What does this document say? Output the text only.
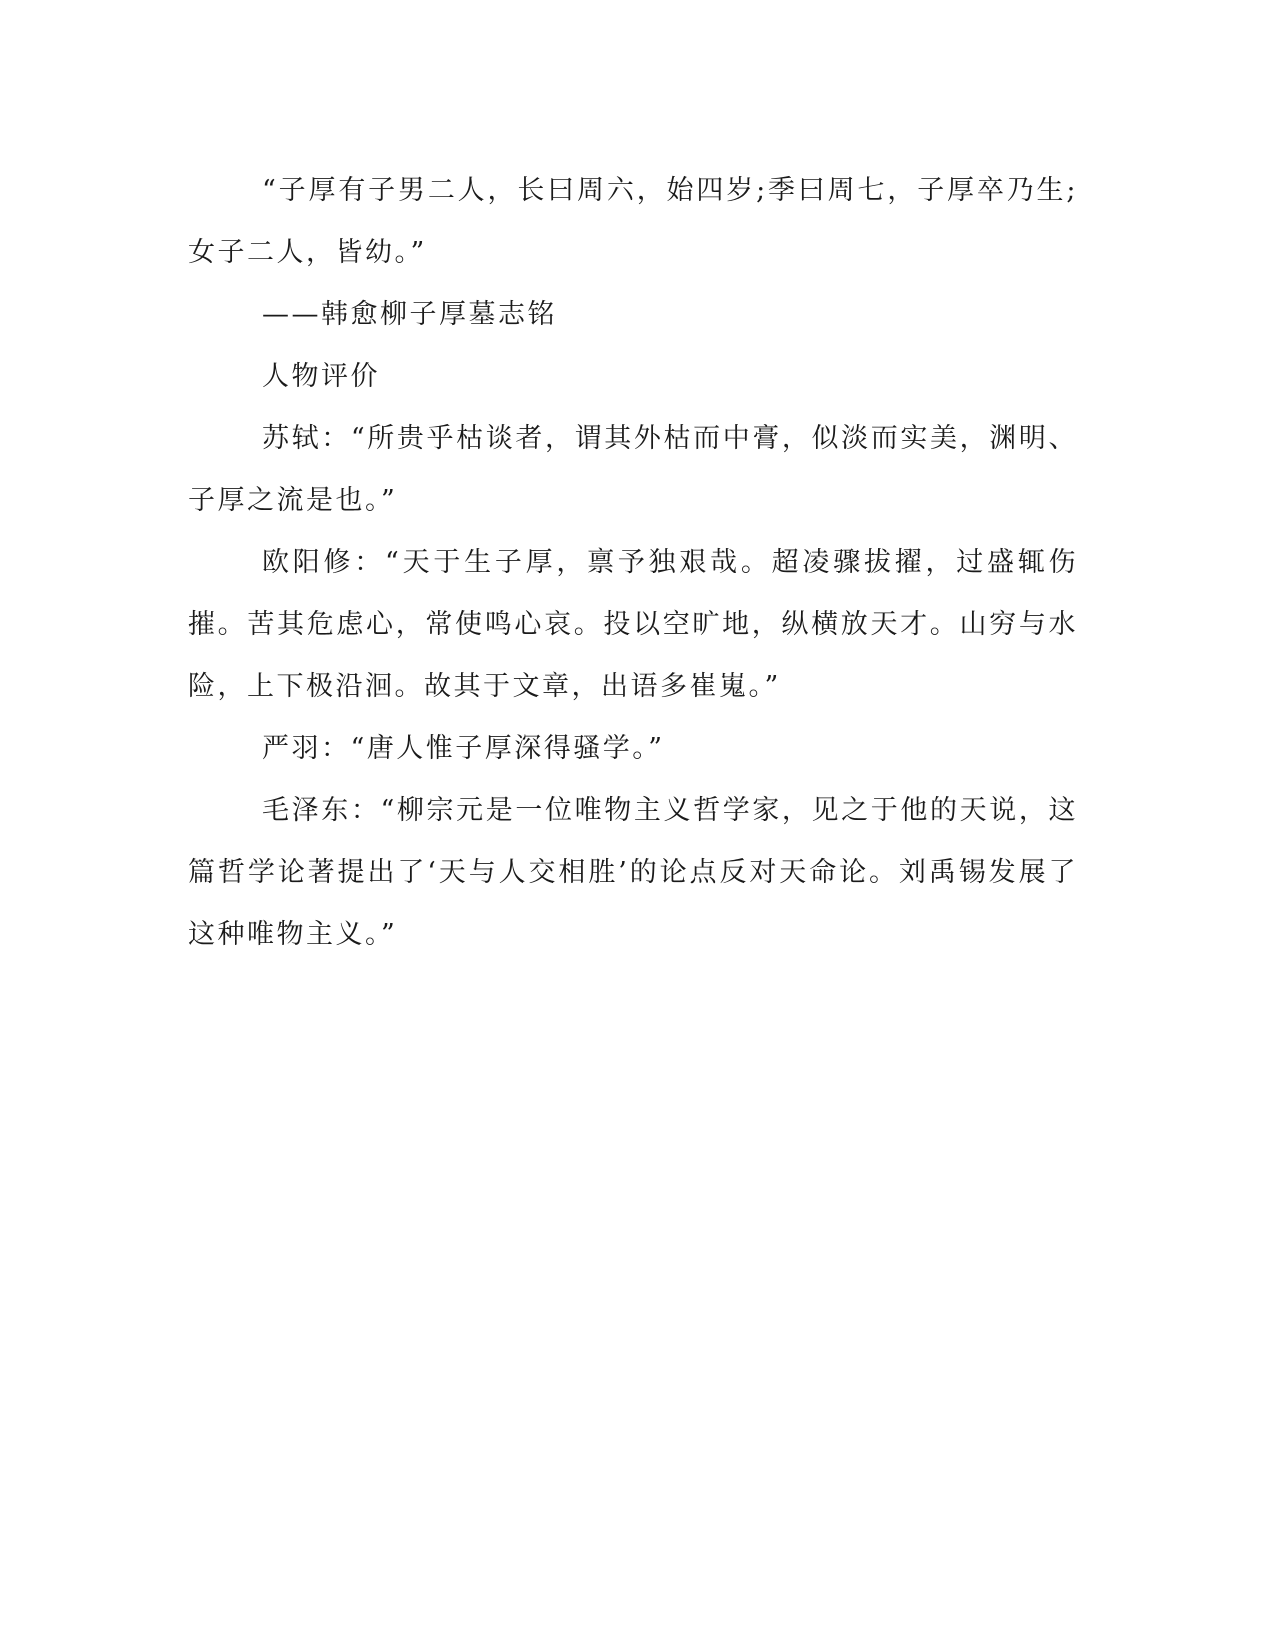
“子厚有子男二人，长曰周六，始四岁;季曰周七，子厚卒乃生;女子二人，皆幼。”

——韩愈柳子厚墓志铭

人物评价

苏轼：“所贵乎枯谈者，谓其外枯而中膏，似淡而实美，渊明、子厚之流是也。”

欧阳修：“天于生子厚，禀予独艰哉。超凌骤拔擢，过盛辄伤摧。苦其危虑心，常使鸣心哀。投以空旷地，纵横放天才。山穷与水险，上下极沿洄。故其于文章，出语多崔嵬。”

严羽：“唐人惟子厚深得骚学。”

毛泽东：“柳宗元是一位唯物主义哲学家，见之于他的天说，这篇哲学论著提出了‘天与人交相胜’的论点反对天命论。刘禹锡发展了这种唯物主义。”
